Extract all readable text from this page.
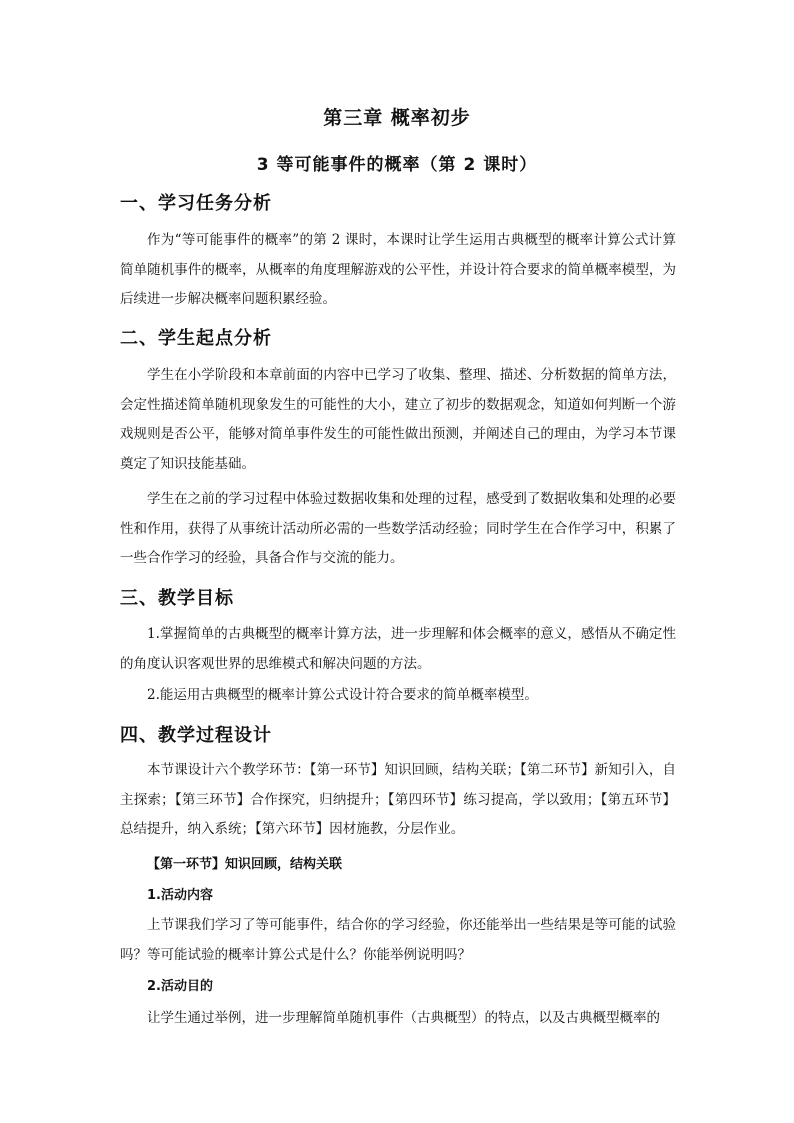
第三章 概率初步
3 等可能事件的概率（第 2 课时）
一、学习任务分析

作为“等可能事件的概率”的第 2 课时，本课时让学生运用古典概型的概率计算公式计算简单随机事件的概率，从概率的角度理解游戏的公平性，并设计符合要求的简单概率模型，为后续进一步解决概率问题积累经验。

二、学生起点分析

学生在小学阶段和本章前面的内容中已学习了收集、整理、描述、分析数据的简单方法，会定性描述简单随机现象发生的可能性的大小，建立了初步的数据观念，知道如何判断一个游戏规则是否公平，能够对简单事件发生的可能性做出预测，并阐述自己的理由，为学习本节课奠定了知识技能基础。

学生在之前的学习过程中体验过数据收集和处理的过程，感受到了数据收集和处理的必要性和作用，获得了从事统计活动所必需的一些数学活动经验；同时学生在合作学习中，积累了一些合作学习的经验，具备合作与交流的能力。

三、教学目标

1.掌握简单的古典概型的概率计算方法，进一步理解和体会概率的意义，感悟从不确定性的角度认识客观世界的思维模式和解决问题的方法。

2.能运用古典概型的概率计算公式设计符合要求的简单概率模型。

四、教学过程设计

本节课设计六个教学环节：【第一环节】知识回顾，结构关联；【第二环节】新知引入，自主探索；【第三环节】合作探究，归纳提升；【第四环节】练习提高，学以致用；【第五环节】总结提升，纳入系统；【第六环节】因材施教，分层作业。

【第一环节】知识回顾，结构关联
1.活动内容

上节课我们学习了等可能事件，结合你的学习经验，你还能举出一些结果是等可能的试验吗？等可能试验的概率计算公式是什么？你能举例说明吗？

2.活动目的

让学生通过举例，进一步理解简单随机事件（古典概型）的特点，以及古典概型概率的
